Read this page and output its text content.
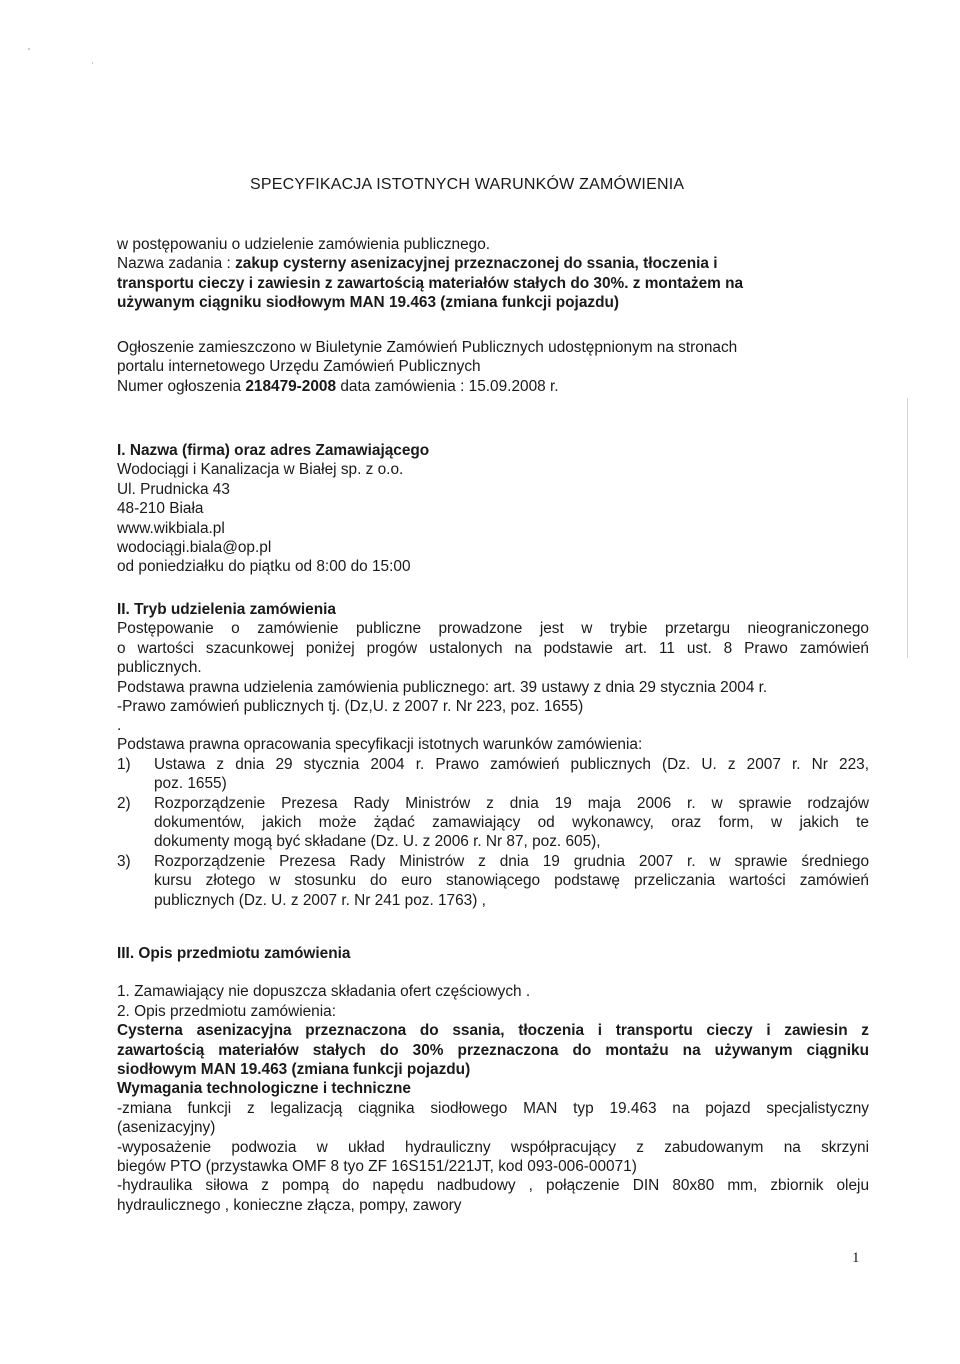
SPECYFIKACJA ISTOTNYCH WARUNKÓW ZAMÓWIENIA
w postępowaniu o udzielenie zamówienia publicznego.
Nazwa zadania : zakup cysterny asenizacyjnej przeznaczonej do ssania, tłoczenia i
transportu cieczy i zawiesin z zawartością materiałów stałych do 30%. z montażem na
używanym ciągniku siodłowym MAN 19.463 (zmiana funkcji pojazdu)
Ogłoszenie zamieszczono w Biuletynie Zamówień Publicznych udostępnionym na stronach
portalu internetowego Urzędu Zamówień Publicznych
Numer ogłoszenia 218479-2008 data zamówienia : 15.09.2008 r.
I. Nazwa (firma) oraz adres Zamawiającego
Wodociągi i Kanalizacja w Białej sp. z o.o.
Ul. Prudnicka 43
48-210 Biała
www.wikbiala.pl
wodociągi.biala@op.pl
od poniedziałku do piątku od 8:00 do 15:00
II. Tryb udzielenia zamówienia
Postępowanie o zamówienie publiczne prowadzone jest w trybie przetargu nieograniczonego
o wartości szacunkowej poniżej progów ustalonych na podstawie art. 11 ust. 8 Prawo zamówień
publicznych.
Podstawa prawna udzielenia zamówienia publicznego: art. 39 ustawy z dnia 29 stycznia 2004 r.
-Prawo zamówień publicznych tj. (Dz,U. z 2007 r. Nr 223, poz. 1655)
.
Podstawa prawna opracowania specyfikacji istotnych warunków zamówienia:
1) Ustawa z dnia 29 stycznia 2004 r. Prawo zamówień publicznych (Dz. U. z 2007 r. Nr 223,
poz. 1655)
2) Rozporządzenie Prezesa Rady Ministrów z dnia 19 maja 2006 r. w sprawie rodzajów
dokumentów, jakich może żądać zamawiający od wykonawcy, oraz form, w jakich te
dokumenty mogą być składane (Dz. U. z 2006 r. Nr 87, poz. 605),
3) Rozporządzenie Prezesa Rady Ministrów z dnia 19 grudnia 2007 r. w sprawie średniego
kursu złotego w stosunku do euro stanowiącego podstawę przeliczania wartości zamówień
publicznych (Dz. U. z 2007 r. Nr 241 poz. 1763) ,
III. Opis przedmiotu zamówienia
1. Zamawiający nie dopuszcza składania ofert częściowych .
2. Opis przedmiotu zamówienia:
Cysterna asenizacyjna przeznaczona do ssania, tłoczenia i transportu cieczy i zawiesin z
zawartością materiałów stałych do 30% przeznaczona do montażu na używanym ciągniku
siodłowym MAN 19.463 (zmiana funkcji pojazdu)
Wymagania technologiczne i techniczne
-zmiana funkcji z legalizacją ciągnika siodłowego MAN typ 19.463 na pojazd specjalistyczny
(asenizacyjny)
-wyposażenie podwozia w układ hydrauliczny współpracujący z zabudowanym na skrzyni
biegów PTO (przystawka OMF 8 tyo ZF 16S151/221JT, kod 093-006-00071)
-hydraulika siłowa z pompą do napędu nadbudowy , połączenie DIN 80x80 mm, zbiornik oleju
hydraulicznego , konieczne złącza, pompy, zawory
1
